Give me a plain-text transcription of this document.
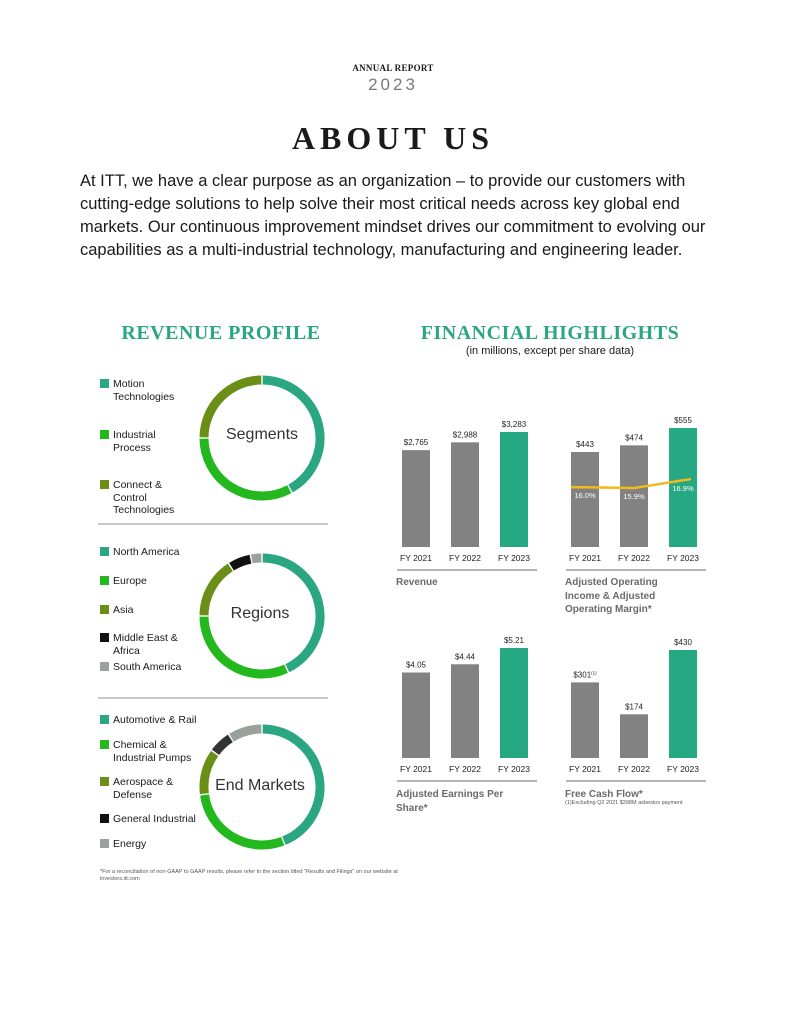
ANNUAL REPORT
2023
ABOUT US
At ITT, we have a clear purpose as an organization – to provide our customers with cutting-edge solutions to help solve their most critical needs across key global end markets. Our continuous improvement mindset drives our commitment to evolving our capabilities as a multi-industrial technology, manufacturing and engineering leader.
REVENUE PROFILE	FINANCIAL HIGHLIGHTS
(in millions, except per share data)
Motion Technologies
Industrial Process
Connect & Control Technologies
North America
Europe
Asia
Middle East & Africa
South America
Automotive & Rail
Chemical & Industrial Pumps
Aerospace & Defense
General Industrial
Energy
Segments
Regions
End Markets
$2,765
FY 2021
$2,988
FY 2022
$3,283
FY 2023
Revenue
$443
FY 2021
$474
FY 2022
$555
FY 2023
16.0%	15.9%
16.9%
Adjusted Operating Income & Adjusted Operating Margin*
$4.05
FY 2021
$4.44
FY 2022
$5.21
FY 2023
Adjusted Earnings Per Share*
$301$^{(1)}$
FY 2021
$174
FY 2022
$430
FY 2023
Free Cash Flow*
(1)Excluding Q2 2021 $398M asbestos payment
*For a reconciliation of non-GAAP to GAAP results, please refer to the section titled "Results and Filings" on our website at investors.itt.com
